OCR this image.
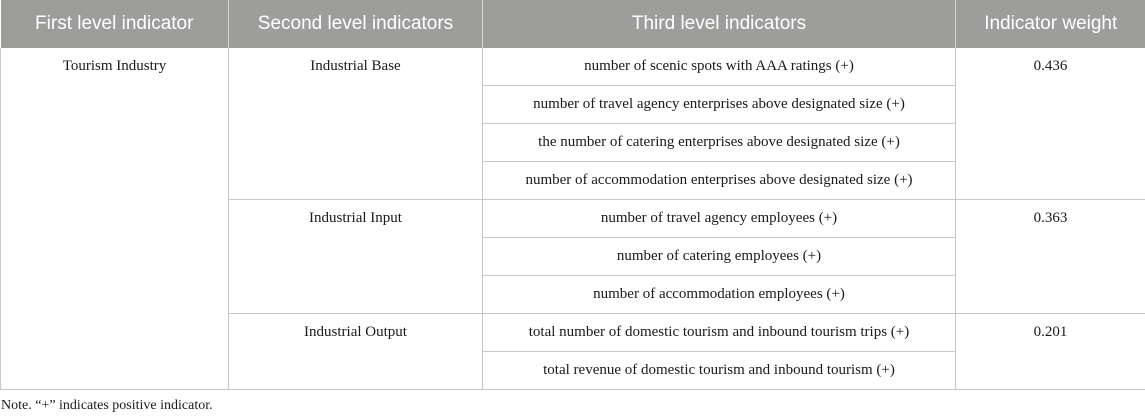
First level indicator	Second level indicators	Third level indicators	Indicator weight
Tourism Industry	Industrial Base	number of scenic spots with AAA ratings (+)	0.436
		number of travel agency enterprises above designated size (+)	
		the number of catering enterprises above designated size (+)	
		number of accommodation enterprises above designated size (+)	
	Industrial Input	number of travel agency employees (+)	0.363
		number of catering employees (+)	
		number of accommodation employees (+)	
	Industrial Output	total number of domestic tourism and inbound tourism trips (+)	0.201
		total revenue of domestic tourism and inbound tourism (+)	
Note. “+” indicates positive indicator.
